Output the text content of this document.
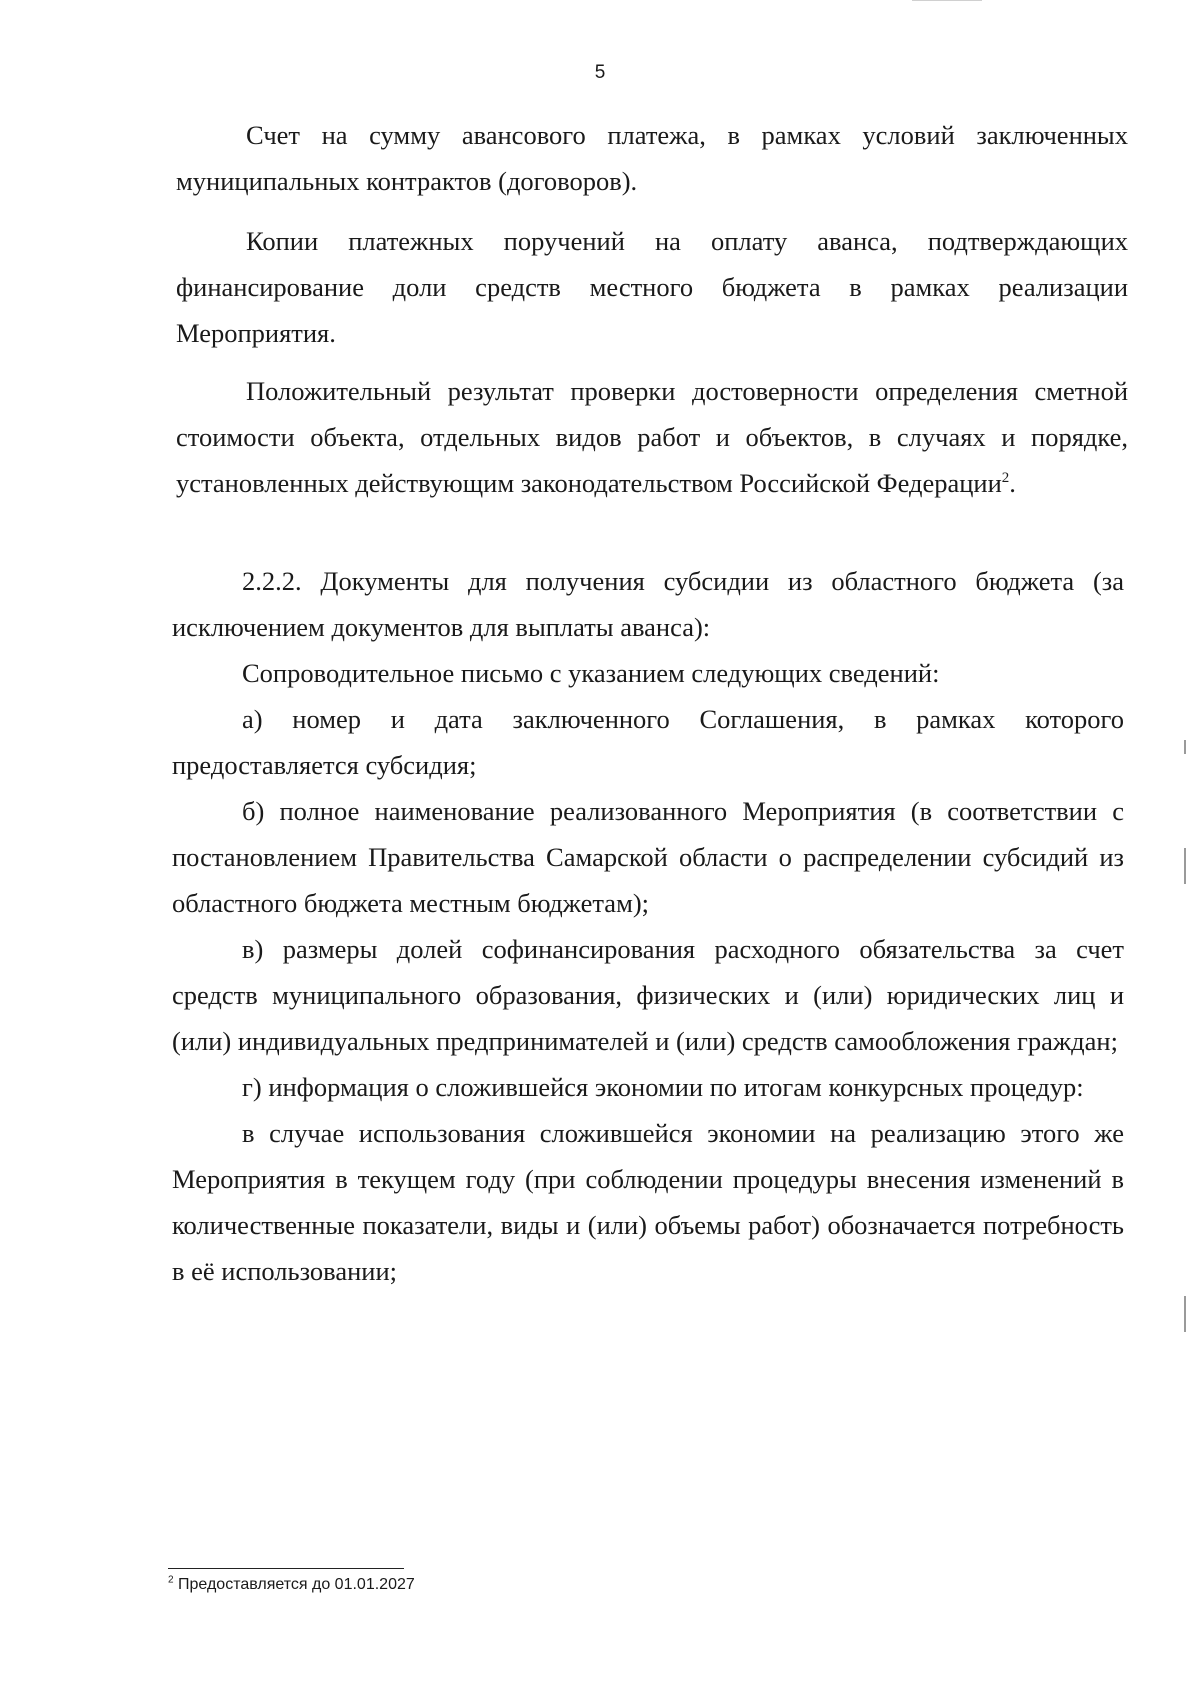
5

Счет на сумму авансового платежа, в рамках условий заключенных муниципальных контрактов (договоров).

Копии платежных поручений на оплату аванса, подтверждающих финансирование доли средств местного бюджета в рамках реализации Мероприятия.

Положительный результат проверки достоверности определения сметной стоимости объекта, отдельных видов работ и объектов, в случаях и порядке, установленных действующим законодательством Российской Федерации$^2$.

2.2.2. Документы для получения субсидии из областного бюджета (за исключением документов для выплаты аванса):

Сопроводительное письмо с указанием следующих сведений:

а) номер и дата заключенного Соглашения, в рамках которого предоставляется субсидия;

б) полное наименование реализованного Мероприятия (в соответствии с постановлением Правительства Самарской области о распределении субсидий из областного бюджета местным бюджетам);

в) размеры долей софинансирования расходного обязательства за счет средств муниципального образования, физических и (или) юридических лиц и (или) индивидуальных предпринимателей и (или) средств самообложения граждан;

г) информация о сложившейся экономии по итогам конкурсных процедур:

в случае использования сложившейся экономии на реализацию этого же Мероприятия в текущем году (при соблюдении процедуры внесения изменений в количественные показатели, виды и (или) объемы работ) обозначается потребность в её использовании;

$^2$ Предоставляется до 01.01.2027
